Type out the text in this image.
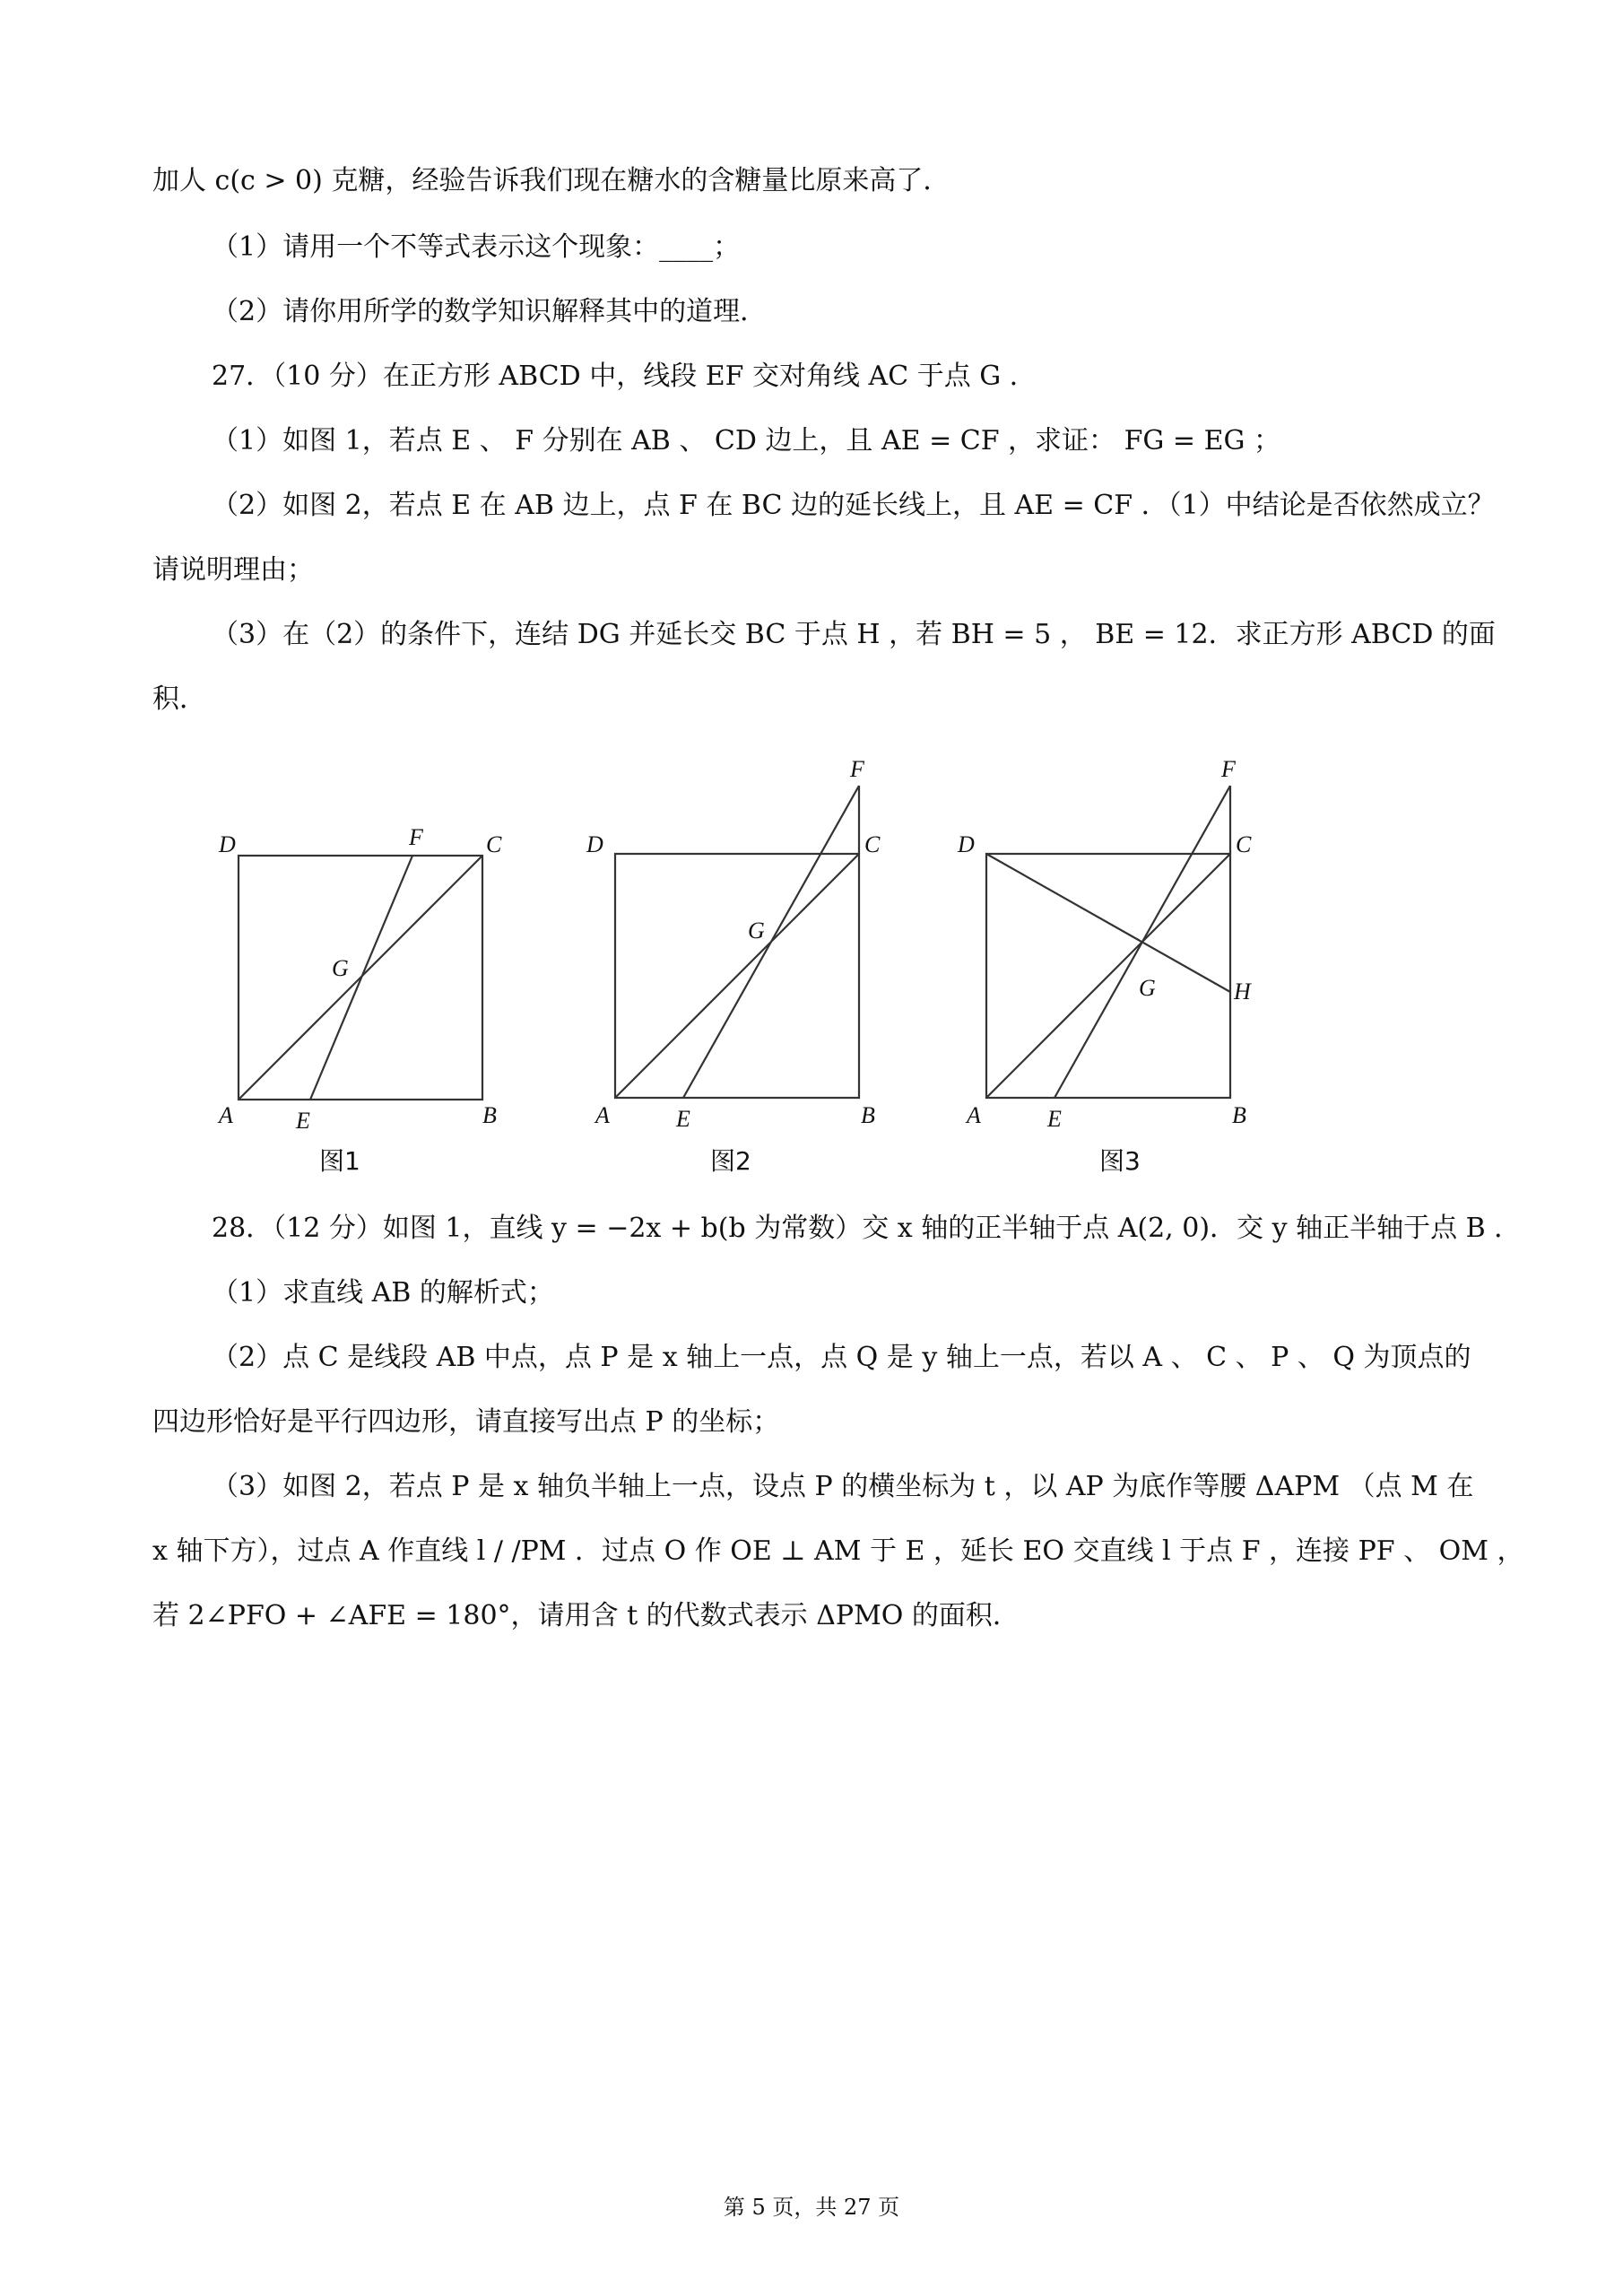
加人 c(c > 0) 克糖，经验告诉我们现在糖水的含糖量比原来高了．
（1）请用一个不等式表示这个现象：____；
（2）请你用所学的数学知识解释其中的道理．
27．（10 分）在正方形 ABCD 中，线段 EF 交对角线 AC 于点 G ．
（1）如图 1，若点 E 、 F 分别在 AB 、 CD 边上，且 AE = CF ，求证： FG = EG ；
（2）如图 2，若点 E 在 AB 边上，点 F 在 BC 边的延长线上，且 AE = CF ．（1）中结论是否依然成立？
请说明理由；
（3）在（2）的条件下，连结 DG 并延长交 BC 于点 H ，若 BH = 5 ， BE = 12．求正方形 ABCD 的面
积．
D	C
F
G
A	E	B
D	C
F
G
A	E	B
D	C
F
G	H
A	E	B
图1	图2	图3
28．（12 分）如图 1，直线 y = −2x + b(b 为常数）交 x 轴的正半轴于点 A(2, 0)．交 y 轴正半轴于点 B ．
（1）求直线 AB 的解析式；
（2）点 C 是线段 AB 中点，点 P 是 x 轴上一点，点 Q 是 y 轴上一点，若以 A 、 C 、 P 、 Q 为顶点的
四边形恰好是平行四边形，请直接写出点 P 的坐标；
（3）如图 2，若点 P 是 x 轴负半轴上一点，设点 P 的横坐标为 t ，以 AP 为底作等腰 ΔAPM （点 M 在
x 轴下方），过点 A 作直线 l / /PM ．过点 O 作 OE ⊥ AM 于 E ，延长 EO 交直线 l 于点 F ，连接 PF 、 OM ，
若 2∠PFO + ∠AFE = 180°，请用含 t 的代数式表示 ΔPMO 的面积．
第 5 页，共 27 页
